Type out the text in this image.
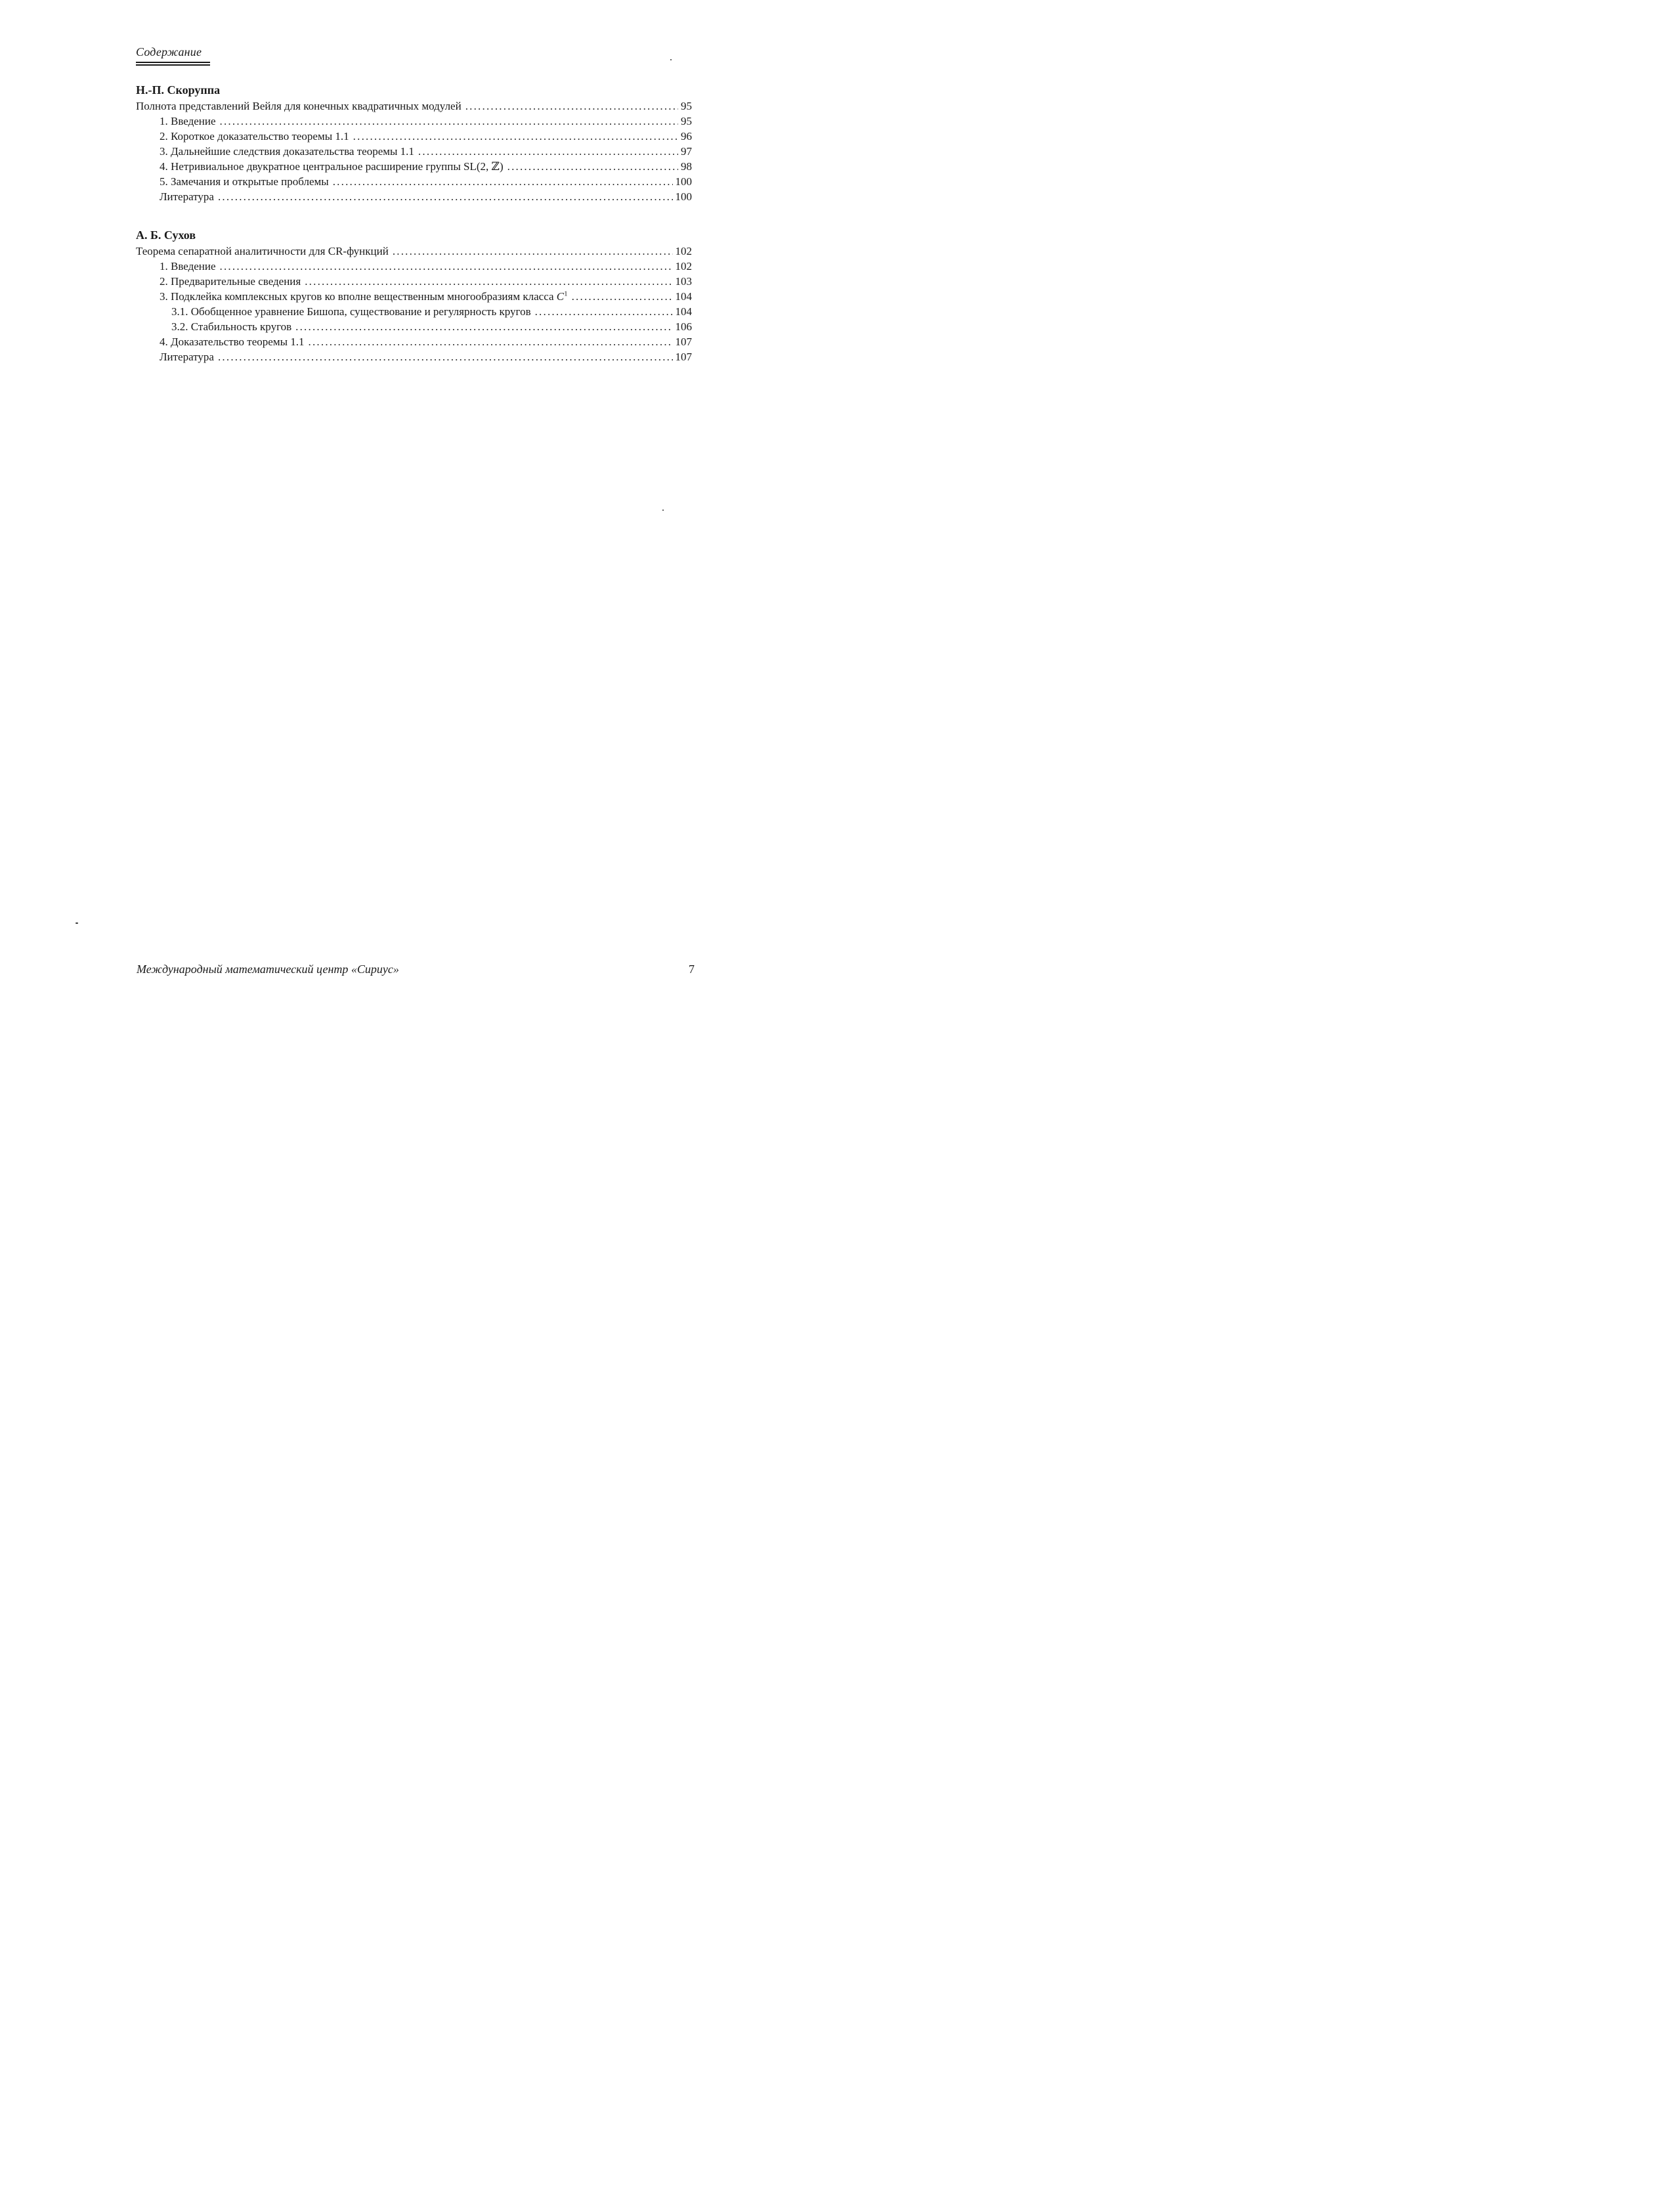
Содержание
Н.-П. Скоруппа
Полнота представлений Вейля для конечных квадратичных модулей .....	95
1. Введение .....	95
2. Короткое доказательство теоремы 1.1 .....	96
3. Дальнейшие следствия доказательства теоремы 1.1 .....	97
4. Нетривиальное двукратное центральное расширение группы SL(2, ℤ) .....	98
5. Замечания и открытые проблемы .....	100
Литература .....	100
А. Б. Сухов
Теорема сепаратной аналитичности для CR-функций .....	102
1. Введение .....	102
2. Предварительные сведения .....	103
3. Подклейка комплексных кругов ко вполне вещественным многообразиям класса $C^1$ .....	104
3.1. Обобщенное уравнение Бишопа, существование и регулярность кругов .....	104
3.2. Стабильность кругов .....	106
4. Доказательство теоремы 1.1 .....	107
Литература .....	107
Международный математический центр «Сириус»	7
